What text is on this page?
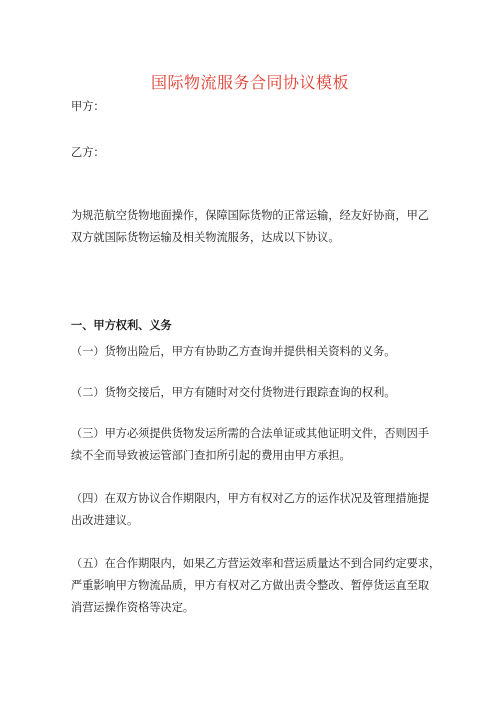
国际物流服务合同协议模板
甲方：
乙方：
为规范航空货物地面操作，保障国际货物的正常运输，经友好协商，甲乙
双方就国际货物运输及相关物流服务，达成以下协议。
一、甲方权利、义务
（一）货物出险后，甲方有协助乙方查询并提供相关资料的义务。
（二）货物交接后，甲方有随时对交付货物进行跟踪查询的权利。
（三）甲方必须提供货物发运所需的合法单证或其他证明文件，否则因手
续不全而导致被运管部门查扣所引起的费用由甲方承担。
（四）在双方协议合作期限内，甲方有权对乙方的运作状况及管理措施提
出改进建议。
（五）在合作期限内，如果乙方营运效率和营运质量达不到合同约定要求，
严重影响甲方物流品质，甲方有权对乙方做出责令整改、暂停货运直至取
消营运操作资格等决定。
